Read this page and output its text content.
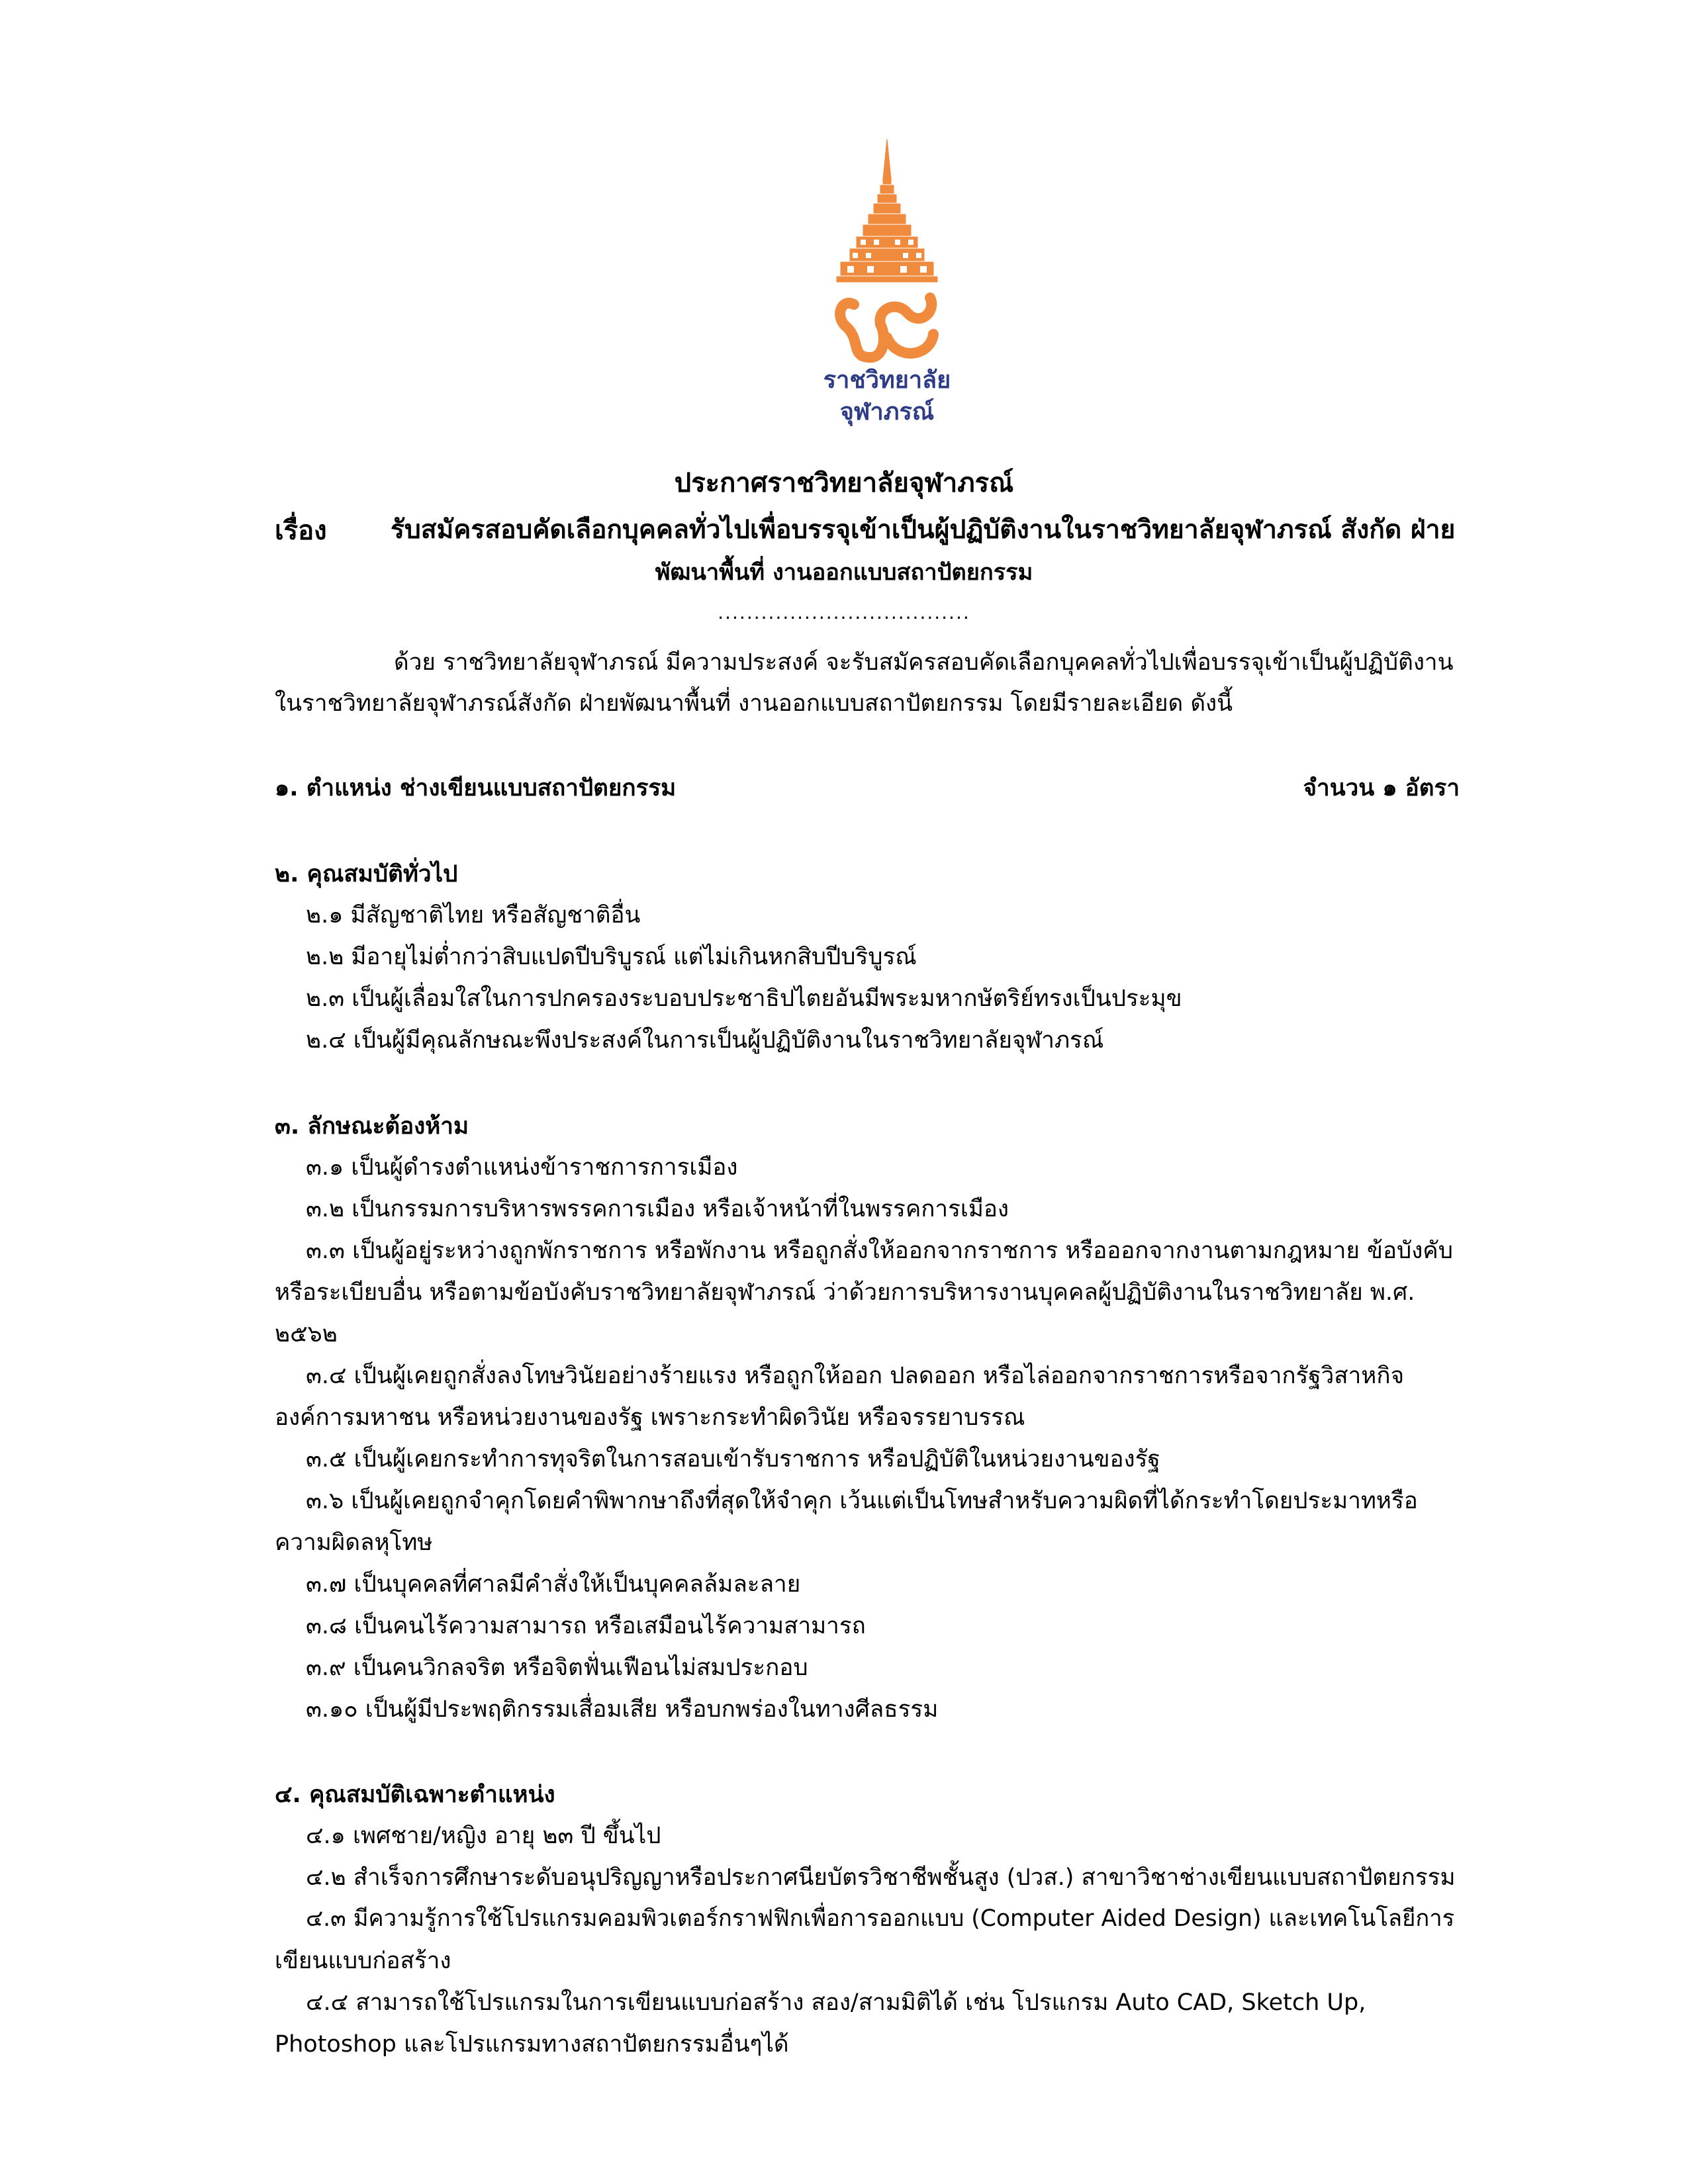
ราชวิทยาลัย
จุฬาภรณ์
ประกาศราชวิทยาลัยจุฬาภรณ์
เรื่อง รับสมัครสอบคัดเลือกบุคคลทั่วไปเพื่อบรรจุเข้าเป็นผู้ปฏิบัติงานในราชวิทยาลัยจุฬาภรณ์ สังกัด ฝ่าย
พัฒนาพื้นที่ งานออกแบบสถาปัตยกรรม
...................................
ด้วย ราชวิทยาลัยจุฬาภรณ์ มีความประสงค์ จะรับสมัครสอบคัดเลือกบุคคลทั่วไปเพื่อบรรจุเข้าเป็นผู้ปฏิบัติงาน
ในราชวิทยาลัยจุฬาภรณ์สังกัด ฝ่ายพัฒนาพื้นที่ งานออกแบบสถาปัตยกรรม โดยมีรายละเอียด ดังนี้
๑. ตำแหน่ง ช่างเขียนแบบสถาปัตยกรรม	จำนวน ๑ อัตรา
๒. คุณสมบัติทั่วไป
๒.๑ มีสัญชาติไทย หรือสัญชาติอื่น
๒.๒ มีอายุไม่ต่ำกว่าสิบแปดปีบริบูรณ์ แต่ไม่เกินหกสิบปีบริบูรณ์
๒.๓ เป็นผู้เลื่อมใสในการปกครองระบอบประชาธิปไตยอันมีพระมหากษัตริย์ทรงเป็นประมุข
๒.๔ เป็นผู้มีคุณลักษณะพึงประสงค์ในการเป็นผู้ปฏิบัติงานในราชวิทยาลัยจุฬาภรณ์
๓. ลักษณะต้องห้าม
๓.๑ เป็นผู้ดำรงตำแหน่งข้าราชการการเมือง
๓.๒ เป็นกรรมการบริหารพรรคการเมือง หรือเจ้าหน้าที่ในพรรคการเมือง
๓.๓ เป็นผู้อยู่ระหว่างถูกพักราชการ หรือพักงาน หรือถูกสั่งให้ออกจากราชการ หรือออกจากงานตามกฎหมาย ข้อบังคับ
หรือระเบียบอื่น หรือตามข้อบังคับราชวิทยาลัยจุฬาภรณ์ ว่าด้วยการบริหารงานบุคคลผู้ปฏิบัติงานในราชวิทยาลัย พ.ศ.
๒๕๖๒
๓.๔ เป็นผู้เคยถูกสั่งลงโทษวินัยอย่างร้ายแรง หรือถูกให้ออก ปลดออก หรือไล่ออกจากราชการหรือจากรัฐวิสาหกิจ
องค์การมหาชน หรือหน่วยงานของรัฐ เพราะกระทำผิดวินัย หรือจรรยาบรรณ
๓.๕ เป็นผู้เคยกระทำการทุจริตในการสอบเข้ารับราชการ หรือปฏิบัติในหน่วยงานของรัฐ
๓.๖ เป็นผู้เคยถูกจำคุกโดยคำพิพากษาถึงที่สุดให้จำคุก เว้นแต่เป็นโทษสำหรับความผิดที่ได้กระทำโดยประมาทหรือ
ความผิดลหุโทษ
๓.๗ เป็นบุคคลที่ศาลมีคำสั่งให้เป็นบุคคลล้มละลาย
๓.๘ เป็นคนไร้ความสามารถ หรือเสมือนไร้ความสามารถ
๓.๙ เป็นคนวิกลจริต หรือจิตฟั่นเฟือนไม่สมประกอบ
๓.๑๐ เป็นผู้มีประพฤติกรรมเสื่อมเสีย หรือบกพร่องในทางศีลธรรม
๔. คุณสมบัติเฉพาะตำแหน่ง
๔.๑ เพศชาย/หญิง อายุ ๒๓ ปี ขึ้นไป
๔.๒ สำเร็จการศึกษาระดับอนุปริญญาหรือประกาศนียบัตรวิชาชีพชั้นสูง (ปวส.) สาขาวิชาช่างเขียนแบบสถาปัตยกรรม
๔.๓ มีความรู้การใช้โปรแกรมคอมพิวเตอร์กราฟฟิกเพื่อการออกแบบ (Computer Aided Design) และเทคโนโลยีการ
เขียนแบบก่อสร้าง
๔.๔ สามารถใช้โปรแกรมในการเขียนแบบก่อสร้าง สอง/สามมิติได้ เช่น โปรแกรม Auto CAD, Sketch Up,
Photoshop และโปรแกรมทางสถาปัตยกรรมอื่นๆได้
